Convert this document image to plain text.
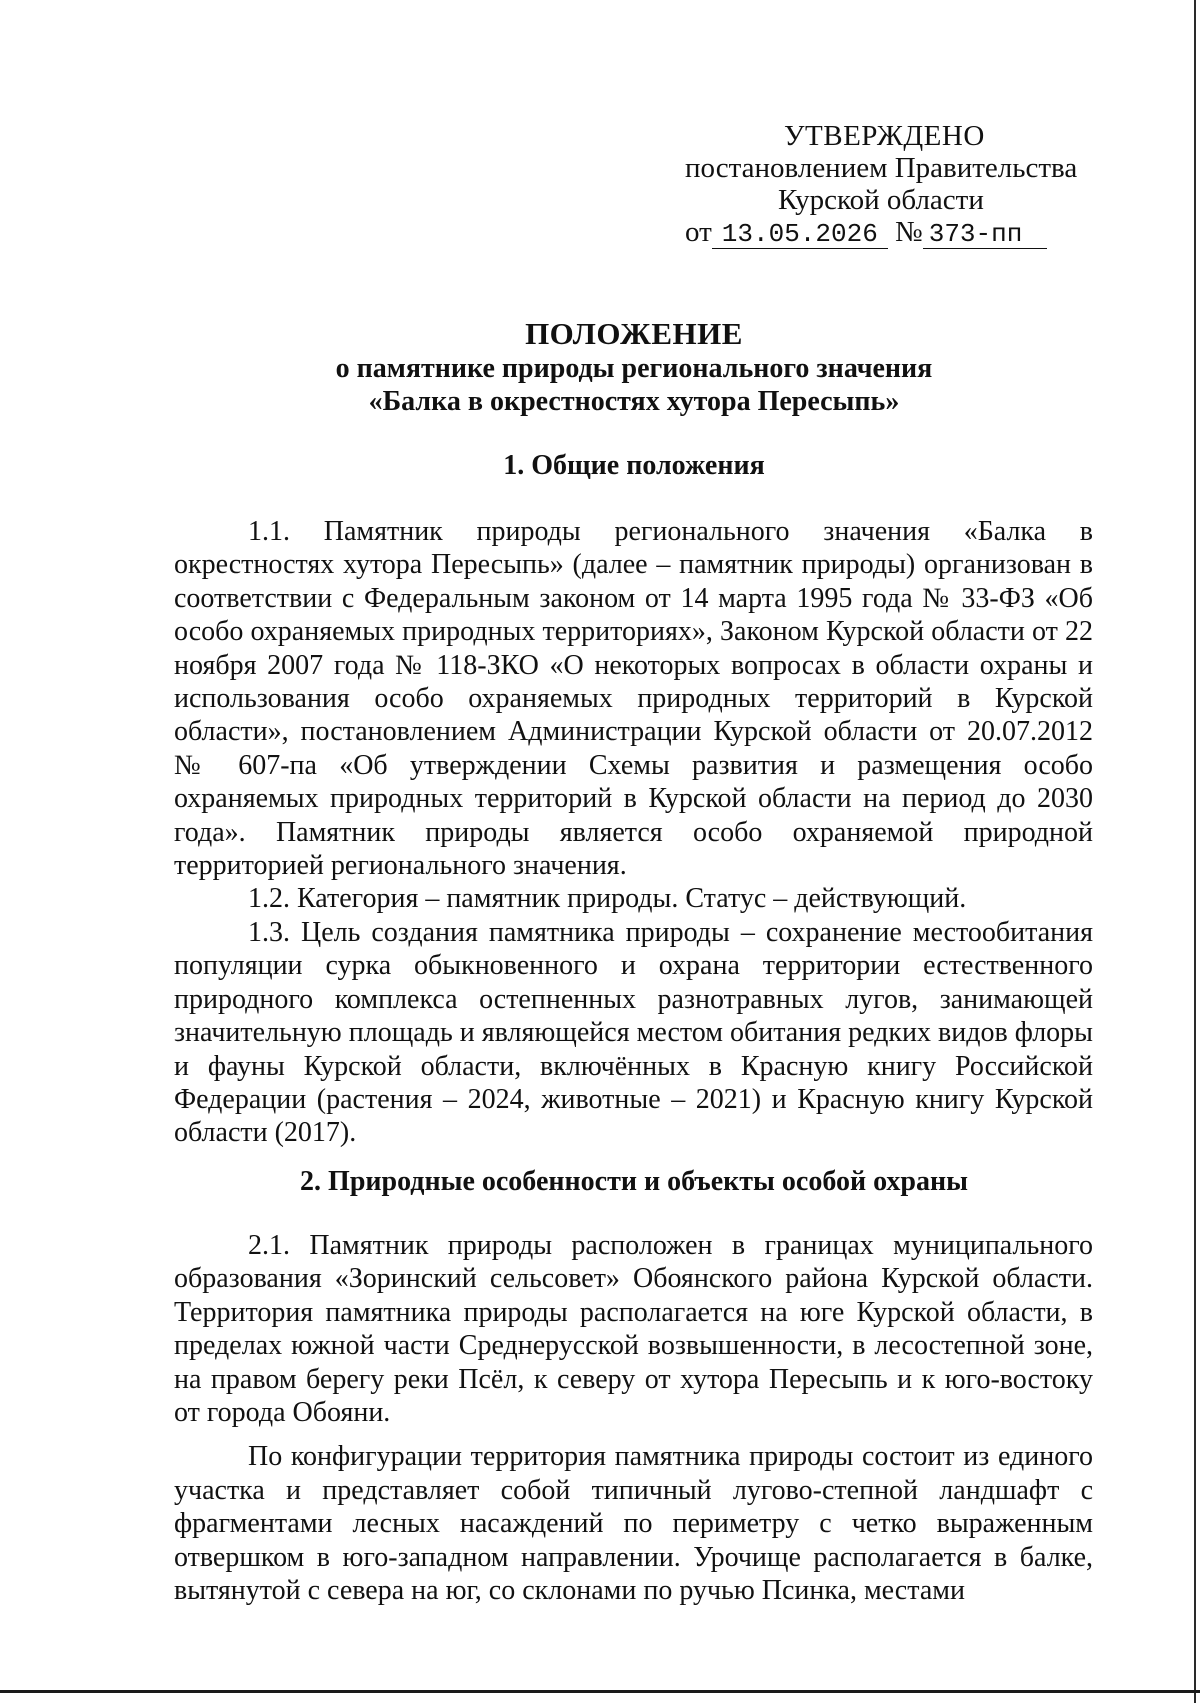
УТВЕРЖДЕНО
постановлением Правительства
Курской области
от 13.05.2026 № 373-пп
ПОЛОЖЕНИЕ
о памятнике природы регионального значения
«Балка в окрестностях хутора Пересыпь»
1. Общие положения

1.1. Памятник природы регионального значения «Балка в окрестностях хутора Пересыпь» (далее – памятник природы) организован в соответствии с Федеральным законом от 14 марта 1995 года № 33-ФЗ «Об особо охраняемых природных территориях», Законом Курской области от 22 ноября 2007 года № 118-ЗКО «О некоторых вопросах в области охраны и использования особо охраняемых природных территорий в Курской области», постановлением Администрации Курской области от 20.07.2012 № 607-па «Об утверждении Схемы развития и размещения особо охраняемых природных территорий в Курской области на период до 2030 года». Памятник природы является особо охраняемой природной территорией регионального значения.

1.2. Категория – памятник природы. Статус – действующий.

1.3. Цель создания памятника природы – сохранение местообитания популяции сурка обыкновенного и охрана территории естественного природного комплекса остепненных разнотравных лугов, занимающей значительную площадь и являющейся местом обитания редких видов флоры и фауны Курской области, включённых в Красную книгу Российской Федерации (растения – 2024, животные – 2021) и Красную книгу Курской области (2017).

2. Природные особенности и объекты особой охраны

2.1. Памятник природы расположен в границах муниципального образования «Зоринский сельсовет» Обоянского района Курской области. Территория памятника природы располагается на юге Курской области, в пределах южной части Среднерусской возвышенности, в лесостепной зоне, на правом берегу реки Псёл, к северу от хутора Пересыпь и к юго-востоку от города Обояни.

По конфигурации территория памятника природы состоит из единого участка и представляет собой типичный лугово-степной ландшафт с фрагментами лесных насаждений по периметру с четко выраженным отвершком в юго-западном направлении. Урочище располагается в балке, вытянутой с севера на юг, со склонами по ручью Псинка, местами
